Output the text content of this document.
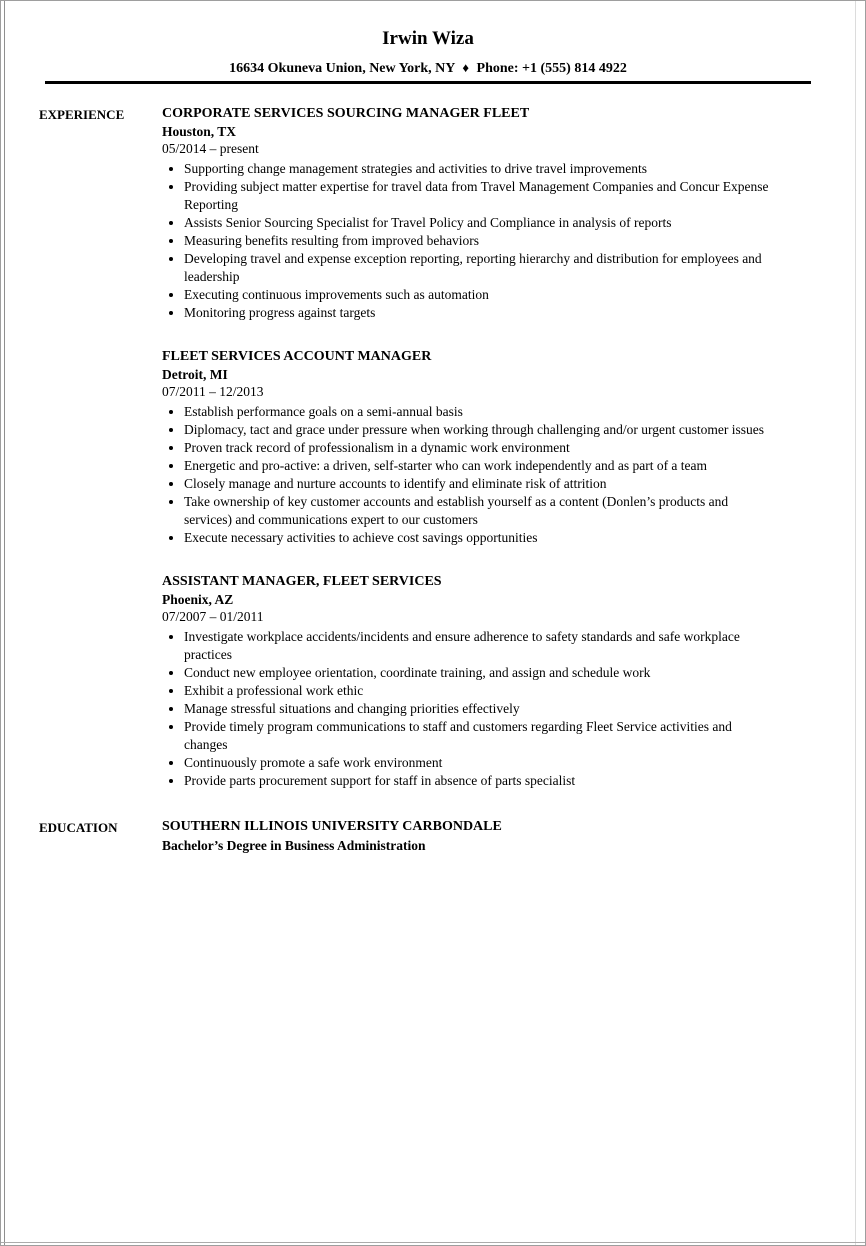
Irwin Wiza
16634 Okuneva Union, New York, NY ♦ Phone: +1 (555) 814 4922
EXPERIENCE	CORPORATE SERVICES SOURCING MANAGER FLEET
Houston, TX
05/2014 – present
• Supporting change management strategies and activities to drive travel improvements
• Providing subject matter expertise for travel data from Travel Management Companies and Concur Expense Reporting
• Assists Senior Sourcing Specialist for Travel Policy and Compliance in analysis of reports
• Measuring benefits resulting from improved behaviors
• Developing travel and expense exception reporting, reporting hierarchy and distribution for employees and leadership
• Executing continuous improvements such as automation
• Monitoring progress against targets
FLEET SERVICES ACCOUNT MANAGER
Detroit, MI
07/2011 – 12/2013
• Establish performance goals on a semi-annual basis
• Diplomacy, tact and grace under pressure when working through challenging and/or urgent customer issues
• Proven track record of professionalism in a dynamic work environment
• Energetic and pro-active: a driven, self-starter who can work independently and as part of a team
• Closely manage and nurture accounts to identify and eliminate risk of attrition
• Take ownership of key customer accounts and establish yourself as a content (Donlen’s products and services) and communications expert to our customers
• Execute necessary activities to achieve cost savings opportunities
ASSISTANT MANAGER, FLEET SERVICES
Phoenix, AZ
07/2007 – 01/2011
• Investigate workplace accidents/incidents and ensure adherence to safety standards and safe workplace practices
• Conduct new employee orientation, coordinate training, and assign and schedule work
• Exhibit a professional work ethic
• Manage stressful situations and changing priorities effectively
• Provide timely program communications to staff and customers regarding Fleet Service activities and changes
• Continuously promote a safe work environment
• Provide parts procurement support for staff in absence of parts specialist
EDUCATION	SOUTHERN ILLINOIS UNIVERSITY CARBONDALE
Bachelor’s Degree in Business Administration
